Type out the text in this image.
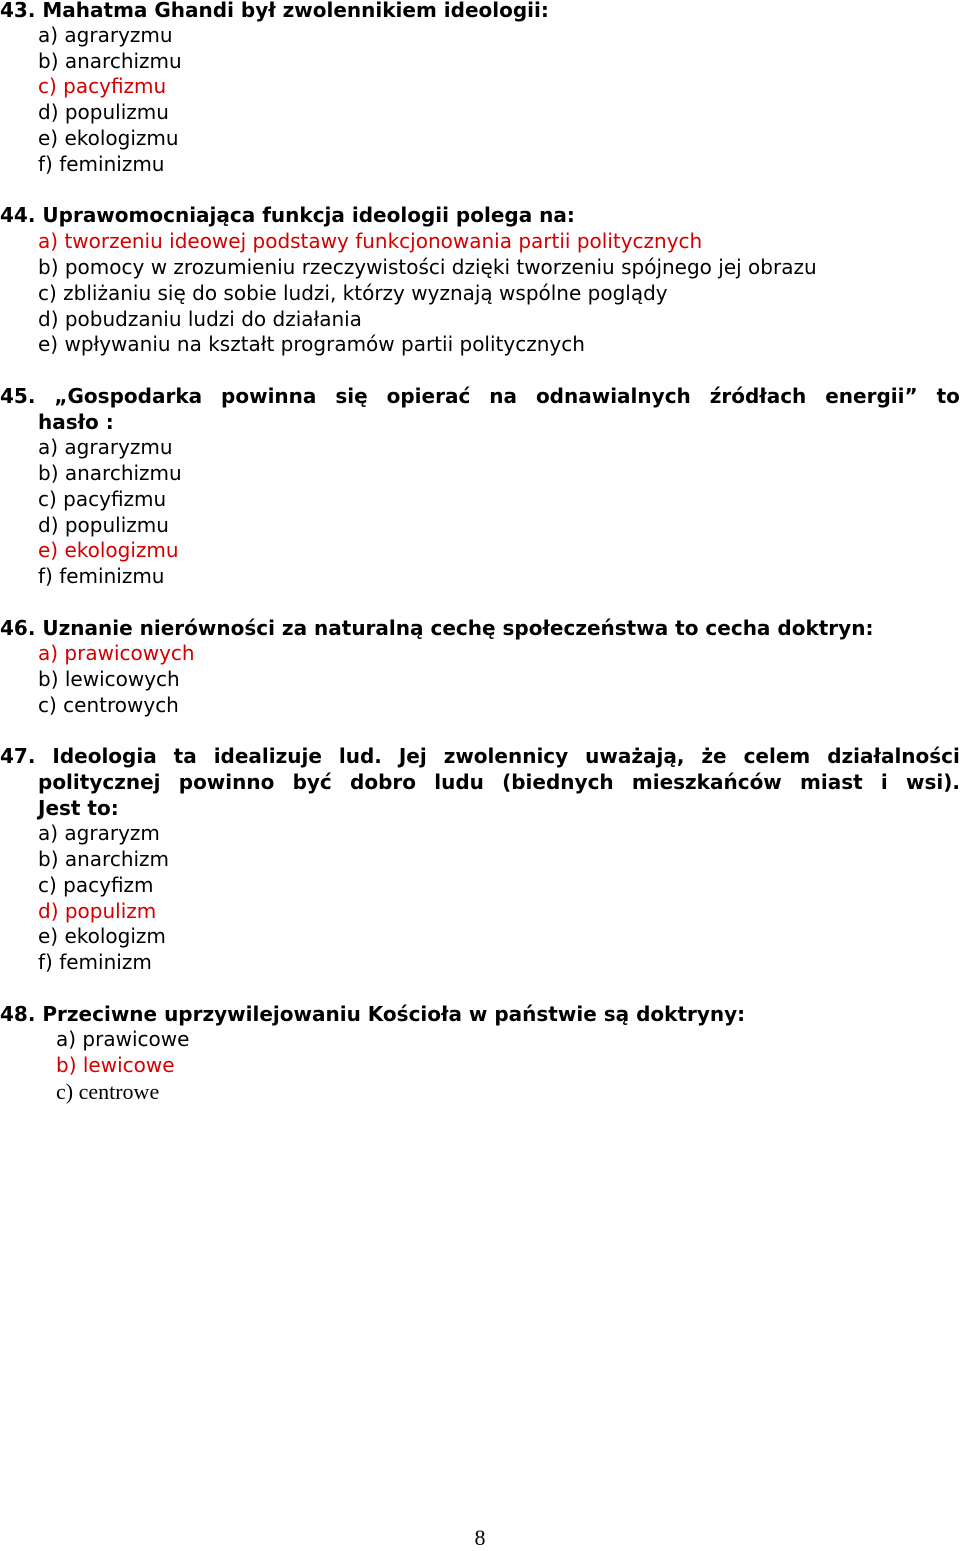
43. Mahatma Ghandi był zwolennikiem ideologii:
a) agraryzmu
b) anarchizmu
c) pacyfizmu
d) populizmu
e) ekologizmu
f) feminizmu
44. Uprawomocniająca funkcja ideologii polega na:
a) tworzeniu ideowej podstawy funkcjonowania partii politycznych
b) pomocy w zrozumieniu rzeczywistości dzięki tworzeniu spójnego jej obrazu
c) zbliżaniu się do sobie ludzi, którzy wyznają wspólne poglądy
d) pobudzaniu ludzi do działania
e) wpływaniu na kształt programów partii politycznych
45. „Gospodarka powinna się opierać na odnawialnych źródłach energii” to
hasło :
a) agraryzmu
b) anarchizmu
c) pacyfizmu
d) populizmu
e) ekologizmu
f) feminizmu
46. Uznanie nierówności za naturalną cechę społeczeństwa to cecha doktryn:
a) prawicowych
b) lewicowych
c) centrowych
47. Ideologia ta idealizuje lud. Jej zwolennicy uważają, że celem działalności
politycznej powinno być dobro ludu (biednych mieszkańców miast i wsi).
Jest to:
a) agraryzm
b) anarchizm
c) pacyfizm
d) populizm
e) ekologizm
f) feminizm
48. Przeciwne uprzywilejowaniu Kościoła w państwie są doktryny:
a) prawicowe
b) lewicowe
c) centrowe
8
